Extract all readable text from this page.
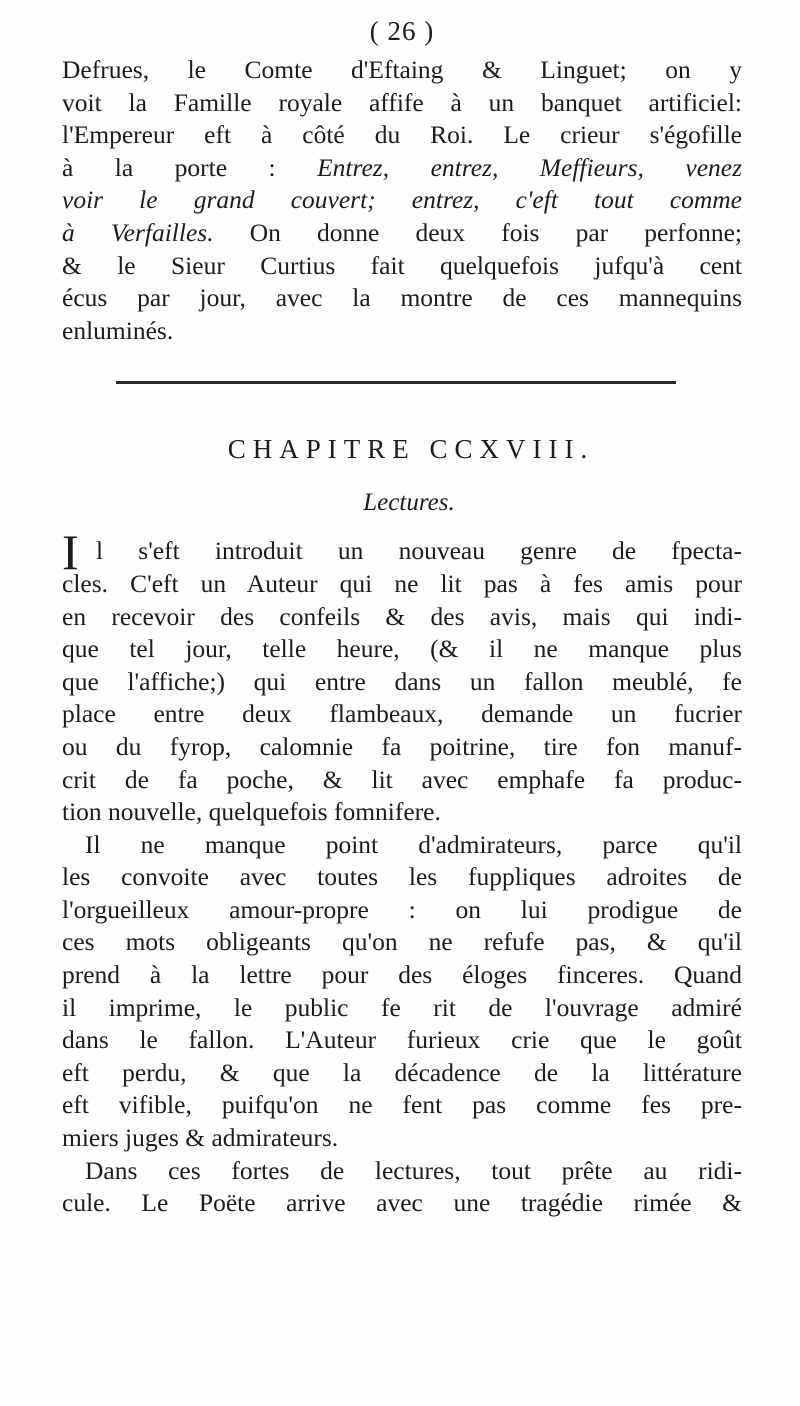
( 26 )
Defrues, le Comte d'Eftaing & Linguet; on y
voit la Famille royale affife à un banquet artificiel:
l'Empereur eft à côté du Roi. Le crieur s'égofille
à la porte : Entrez, entrez, Meffieurs, venez
voir le grand couvert; entrez, c'eft tout comme
à Verfailles. On donne deux fois par perfonne;
& le Sieur Curtius fait quelquefois jufqu'à cent
écus par jour, avec la montre de ces mannequins
enluminés.
CHAPITRE CCXVIII.
Lectures.
I l s'eft introduit un nouveau genre de fpecta-
cles. C'eft un Auteur qui ne lit pas à fes amis pour
en recevoir des confeils & des avis, mais qui indi-
que tel jour, telle heure, (& il ne manque plus
que l'affiche;) qui entre dans un fallon meublé, fe
place entre deux flambeaux, demande un fucrier
ou du fyrop, calomnie fa poitrine, tire fon manuf-
crit de fa poche, & lit avec emphafe fa produc-
tion nouvelle, quelquefois fomnifere.
Il ne manque point d'admirateurs, parce qu'il
les convoite avec toutes les fuppliques adroites de
l'orgueilleux amour-propre : on lui prodigue de
ces mots obligeants qu'on ne refufe pas, & qu'il
prend à la lettre pour des éloges finceres. Quand
il imprime, le public fe rit de l'ouvrage admiré
dans le fallon. L'Auteur furieux crie que le goût
eft perdu, & que la décadence de la littérature
eft vifible, puifqu'on ne fent pas comme fes pre-
miers juges & admirateurs.
Dans ces fortes de lectures, tout prête au ridi-
cule. Le Poëte arrive avec une tragédie rimée &
